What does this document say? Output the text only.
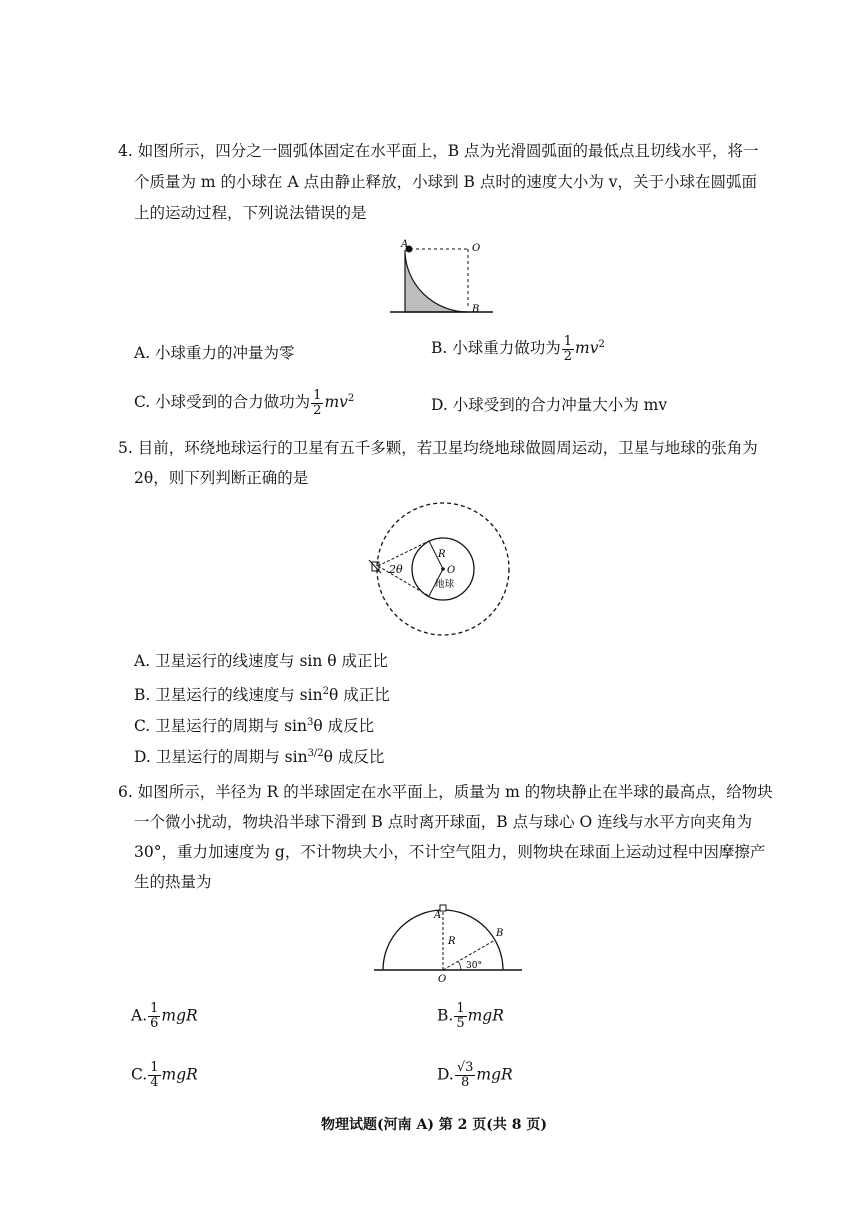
4. 如图所示，四分之一圆弧体固定在水平面上，B 点为光滑圆弧面的最低点且切线水平，将一
个质量为 m 的小球在 A 点由静止释放，小球到 B 点时的速度大小为 v，关于小球在圆弧面
上的运动过程，下列说法错误的是
A	O
B
A. 小球重力的冲量为零	B. 小球重力做功为 $\frac{1}{2} mv^2$
C. 小球受到的合力做功为 $\frac{1}{2} mv^2$	D. 小球受到的合力冲量大小为 mv
5. 目前，环绕地球运行的卫星有五千多颗，若卫星均绕地球做圆周运动，卫星与地球的张角为
2θ，则下列判断正确的是
2θ
R
O
地球
A. 卫星运行的线速度与 sin θ 成正比
B. 卫星运行的线速度与 $\sin^2\theta$ 成正比
C. 卫星运行的周期与 $\sin^3\theta$ 成反比
D. 卫星运行的周期与 $\sin^{3/2}\theta$ 成反比
6. 如图所示，半径为 R 的半球固定在水平面上，质量为 m 的物块静止在半球的最高点，给物块
一个微小扰动，物块沿半球下滑到 B 点时离开球面，B 点与球心 O 连线与水平方向夹角为
30°，重力加速度为 g，不计物块大小，不计空气阻力，则物块在球面上运动过程中因摩擦产
生的热量为
A
R
B
O
30°
A. $\frac{1}{6}$ mgR	B. $\frac{1}{5}$ mgR
C. $\frac{1}{4}$ mgR	D. $\frac{√3}{8}$ mgR
物理试题(河南 A) 第 2 页(共 8 页)
